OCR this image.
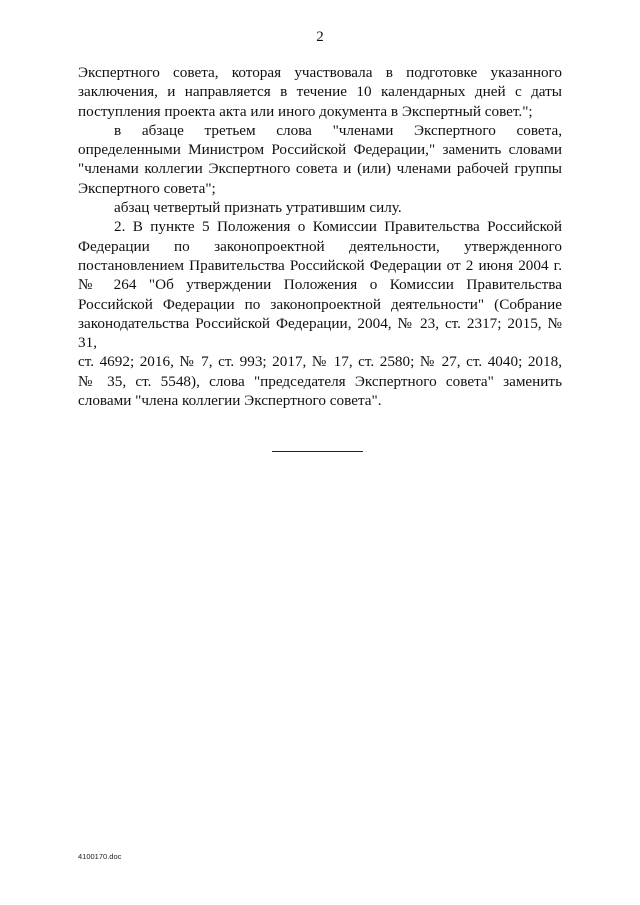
2
Экспертного совета, которая участвовала в подготовке указанного
заключения, и направляется в течение 10 календарных дней с даты
поступления проекта акта или иного документа в Экспертный совет.";
в абзаце третьем слова "членами Экспертного совета,
определенными Министром Российской Федерации," заменить словами
"членами коллегии Экспертного совета и (или) членами рабочей группы
Экспертного совета";
абзац четвертый признать утратившим силу.
2. В пункте 5 Положения о Комиссии Правительства Российской
Федерации по законопроектной деятельности, утвержденного
постановлением Правительства Российской Федерации от 2 июня 2004 г.
№ 264 "Об утверждении Положения о Комиссии Правительства
Российской Федерации по законопроектной деятельности" (Собрание
законодательства Российской Федерации, 2004, № 23, ст. 2317; 2015, № 31,
ст. 4692; 2016, № 7, ст. 993; 2017, № 17, ст. 2580; № 27, ст. 4040; 2018,
№ 35, ст. 5548), слова "председателя Экспертного совета" заменить
словами "члена коллегии Экспертного совета".
4100170.doc
